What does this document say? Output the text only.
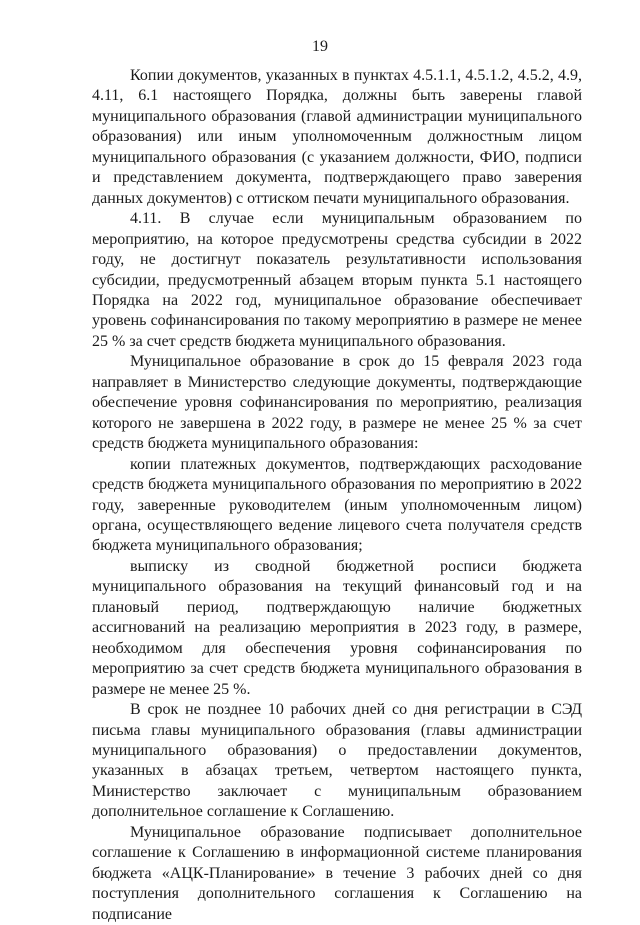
19

Копии документов, указанных в пунктах 4.5.1.1, 4.5.1.2, 4.5.2, 4.9, 4.11, 6.1 настоящего Порядка, должны быть заверены главой муниципального образования (главой администрации муниципального образования) или иным уполномоченным должностным лицом муниципального образования (с указанием должности, ФИО, подписи и представлением документа, подтверждающего право заверения данных документов) с оттиском печати муниципального образования.

4.11. В случае если муниципальным образованием по мероприятию, на которое предусмотрены средства субсидии в 2022 году, не достигнут показатель результативности использования субсидии, предусмотренный абзацем вторым пункта 5.1 настоящего Порядка на 2022 год, муниципальное образование обеспечивает уровень софинансирования по такому мероприятию в размере не менее 25 % за счет средств бюджета муниципального образования.

Муниципальное образование в срок до 15 февраля 2023 года направляет в Министерство следующие документы, подтверждающие обеспечение уровня софинансирования по мероприятию, реализация которого не завершена в 2022 году, в размере не менее 25 % за счет средств бюджета муниципального образования:

копии платежных документов, подтверждающих расходование средств бюджета муниципального образования по мероприятию в 2022 году, заверенные руководителем (иным уполномоченным лицом) органа, осуществляющего ведение лицевого счета получателя средств бюджета муниципального образования;

выписку из сводной бюджетной росписи бюджета муниципального образования на текущий финансовый год и на плановый период, подтверждающую наличие бюджетных ассигнований на реализацию мероприятия в 2023 году, в размере, необходимом для обеспечения уровня софинансирования по мероприятию за счет средств бюджета муниципального образования в размере не менее 25 %.

В срок не позднее 10 рабочих дней со дня регистрации в СЭД письма главы муниципального образования (главы администрации муниципального образования) о предоставлении документов, указанных в абзацах третьем, четвертом настоящего пункта, Министерство заключает с муниципальным образованием дополнительное соглашение к Соглашению.

Муниципальное образование подписывает дополнительное соглашение к Соглашению в информационной системе планирования бюджета «АЦК-Планирование» в течение 3 рабочих дней со дня поступления дополнительного соглашения к Соглашению на подписание
